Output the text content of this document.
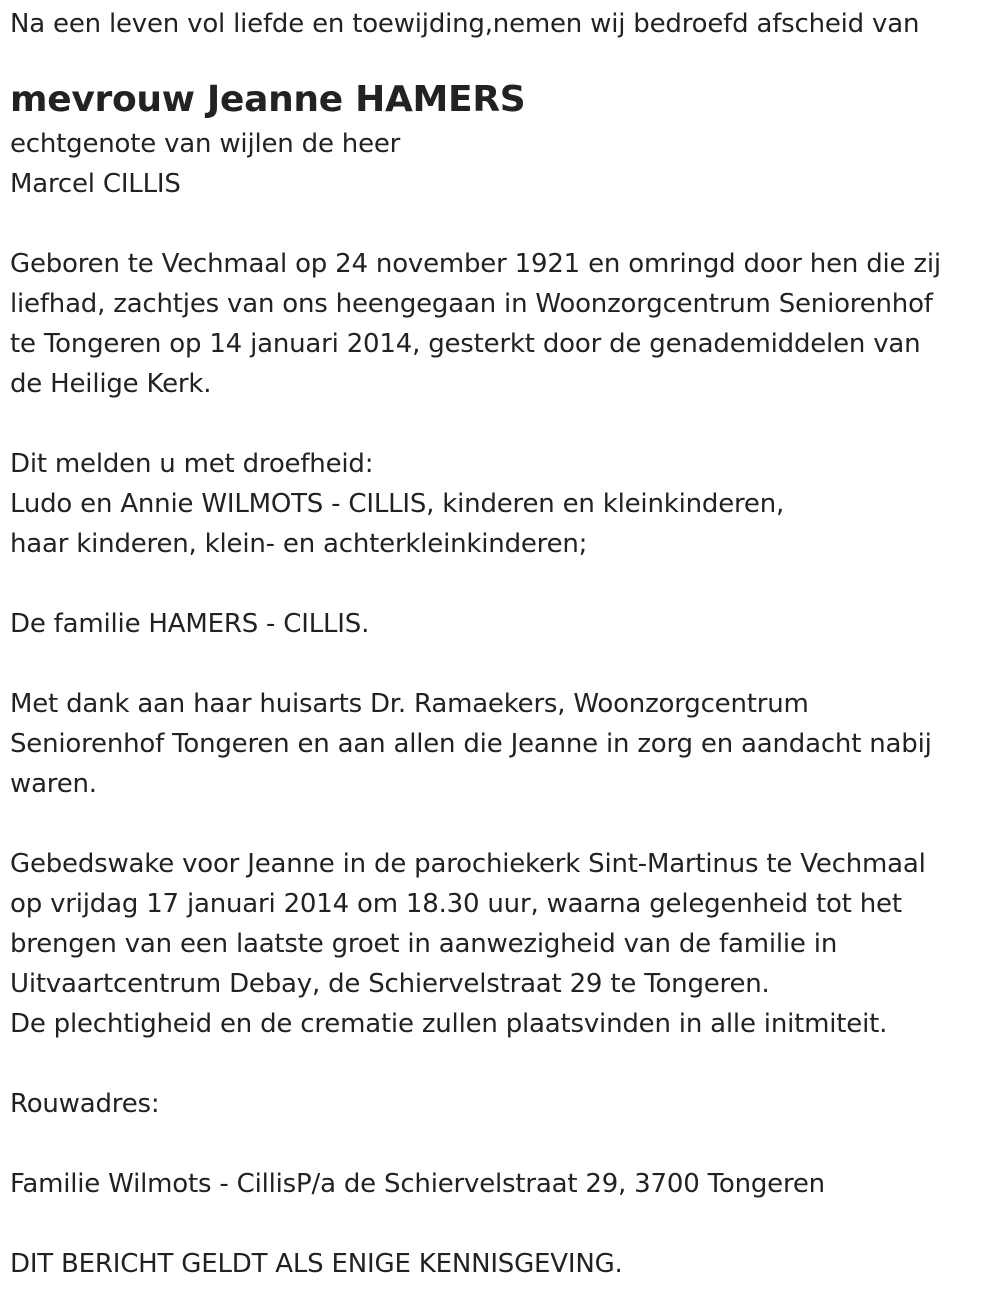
Na een leven vol liefde en toewijding,nemen wij bedroefd afscheid van
mevrouw Jeanne HAMERS
echtgenote van wijlen de heer
Marcel CILLIS
Geboren te Vechmaal op 24 november 1921 en omringd door hen die zij
liefhad, zachtjes van ons heengegaan in Woonzorgcentrum Seniorenhof
te Tongeren op 14 januari 2014, gesterkt door de genademiddelen van
de Heilige Kerk.
Dit melden u met droefheid:
Ludo en Annie WILMOTS - CILLIS, kinderen en kleinkinderen,
haar kinderen, klein- en achterkleinkinderen;
De familie HAMERS - CILLIS.
Met dank aan haar huisarts Dr. Ramaekers, Woonzorgcentrum
Seniorenhof Tongeren en aan allen die Jeanne in zorg en aandacht nabij
waren.
Gebedswake voor Jeanne in de parochiekerk Sint-Martinus te Vechmaal
op vrijdag 17 januari 2014 om 18.30 uur, waarna gelegenheid tot het
brengen van een laatste groet in aanwezigheid van de familie in
Uitvaartcentrum Debay, de Schiervelstraat 29 te Tongeren.
De plechtigheid en de crematie zullen plaatsvinden in alle initmiteit.
Rouwadres:
Familie Wilmots - CillisP/a de Schiervelstraat 29, 3700 Tongeren
DIT BERICHT GELDT ALS ENIGE KENNISGEVING.
